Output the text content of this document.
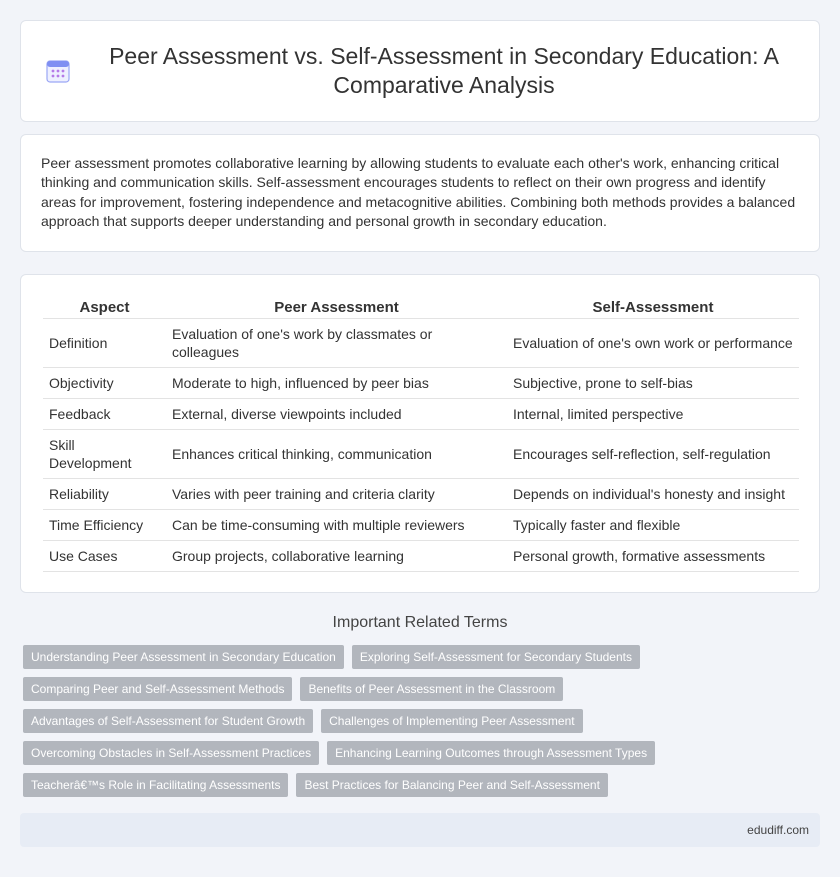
Peer Assessment vs. Self-Assessment in Secondary Education: A Comparative Analysis

Peer assessment promotes collaborative learning by allowing students to evaluate each other's work, enhancing critical thinking and communication skills. Self-assessment encourages students to reflect on their own progress and identify areas for improvement, fostering independence and metacognitive abilities. Combining both methods provides a balanced approach that supports deeper understanding and personal growth in secondary education.

Aspect	Peer Assessment	Self-Assessment
Definition	Evaluation of one's work by classmates or colleagues	Evaluation of one's own work or performance
Objectivity	Moderate to high, influenced by peer bias	Subjective, prone to self-bias
Feedback	External, diverse viewpoints included	Internal, limited perspective
Skill Development	Enhances critical thinking, communication	Encourages self-reflection, self-regulation
Reliability	Varies with peer training and criteria clarity	Depends on individual's honesty and insight
Time Efficiency	Can be time-consuming with multiple reviewers	Typically faster and flexible
Use Cases	Group projects, collaborative learning	Personal growth, formative assessments
Important Related Terms
Understanding Peer Assessment in Secondary Education	Exploring Self-Assessment for Secondary Students
Comparing Peer and Self-Assessment Methods	Benefits of Peer Assessment in the Classroom
Advantages of Self-Assessment for Student Growth	Challenges of Implementing Peer Assessment
Overcoming Obstacles in Self-Assessment Practices	Enhancing Learning Outcomes through Assessment Types
Teacherâ€™s Role in Facilitating Assessments	Best Practices for Balancing Peer and Self-Assessment
edudiff.com
